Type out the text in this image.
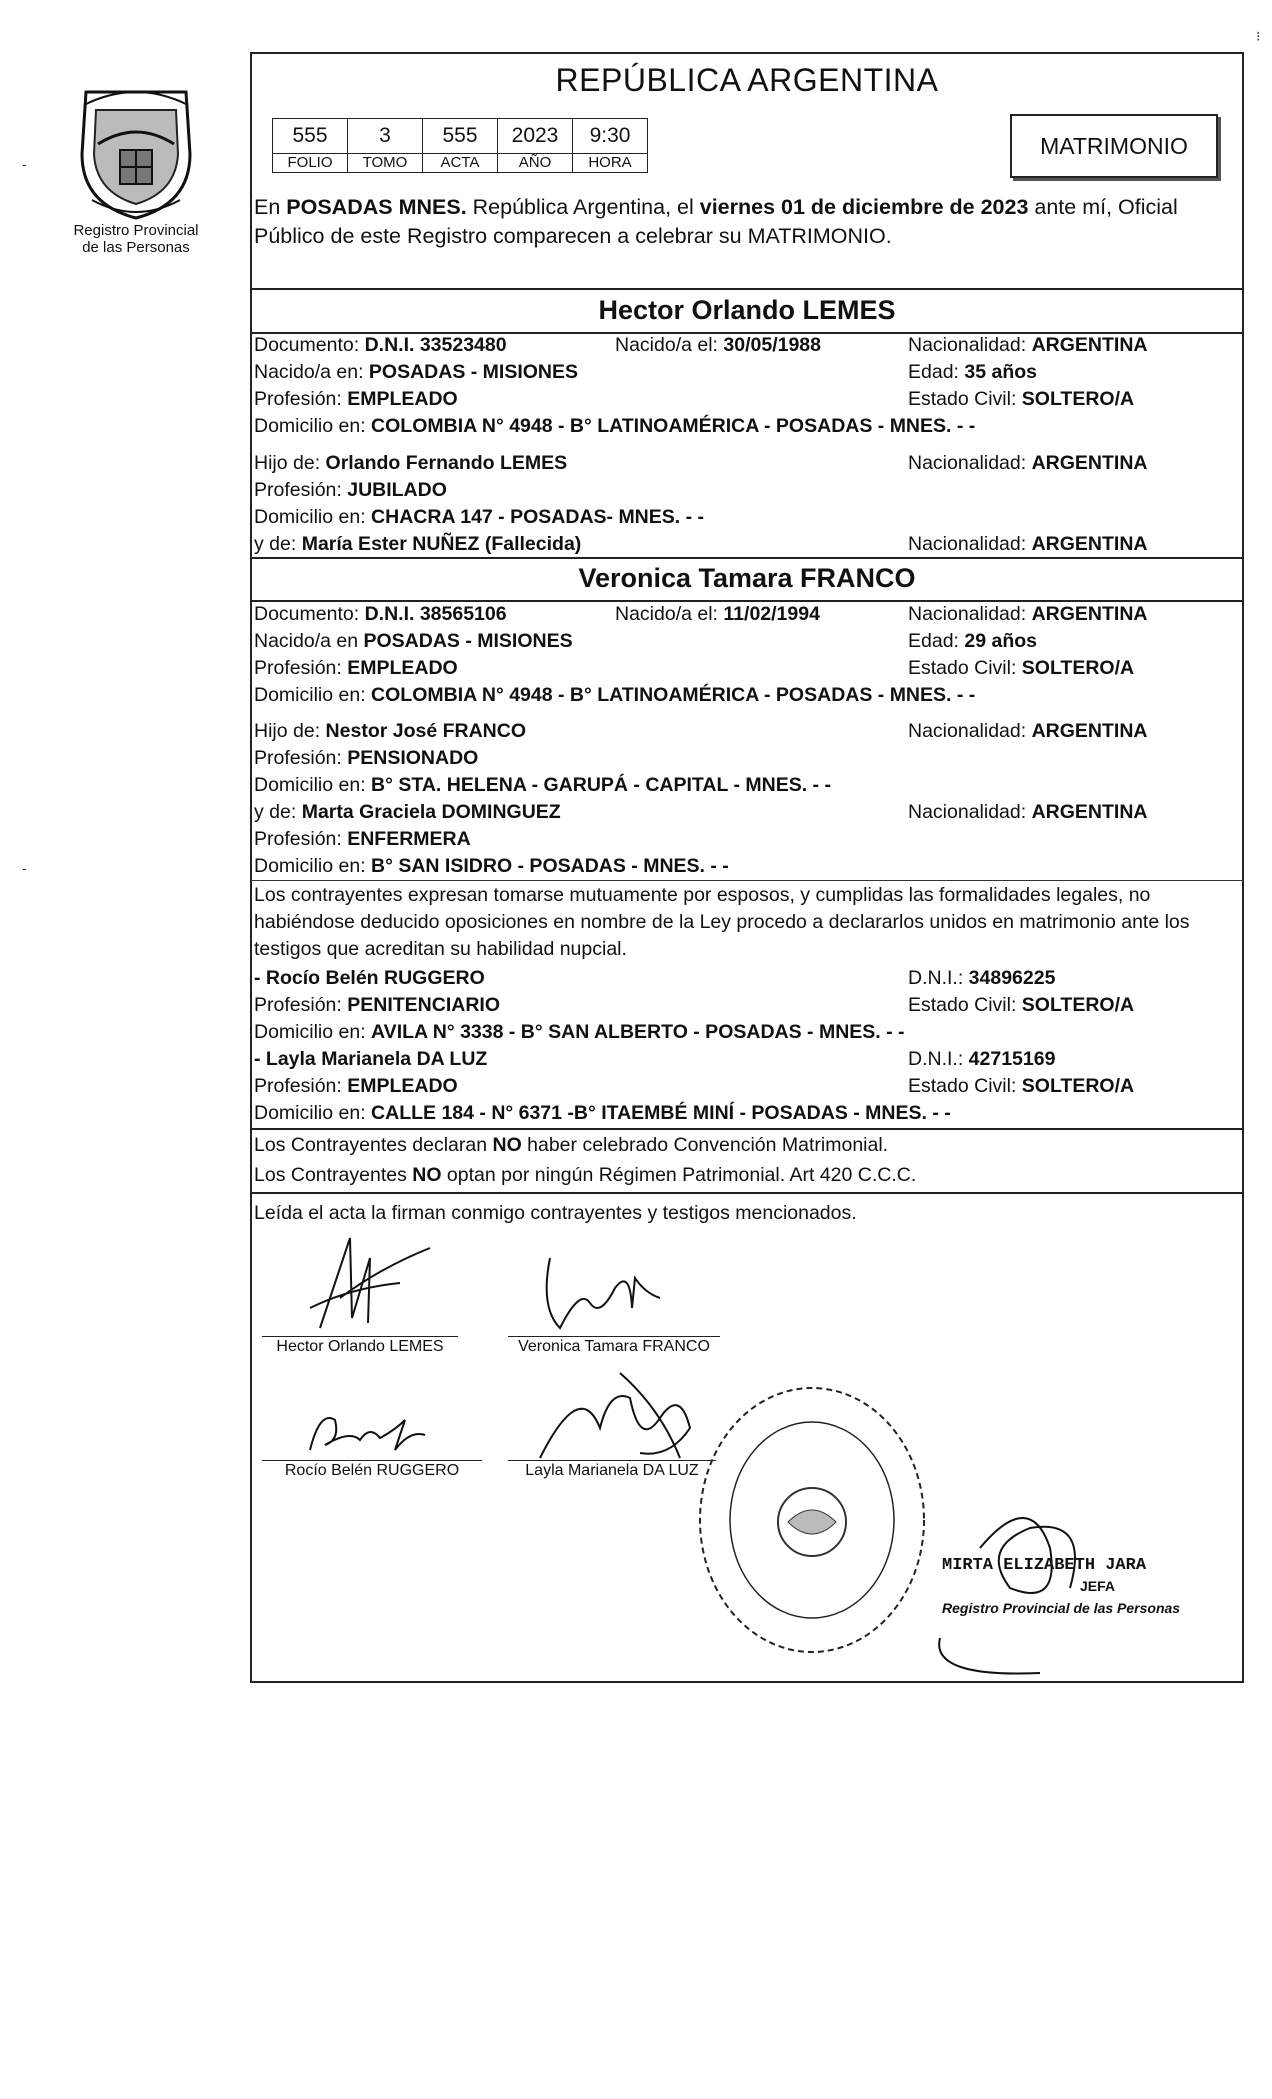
Registro Provincial
de las Personas
-
-
⁝
REPÚBLICA ARGENTINA
555	3	555	2023	9:30
FOLIO	TOMO	ACTA	AÑO	HORA
MATRIMONIO
En POSADAS MNES. República Argentina, el viernes 01 de diciembre de 2023 ante mí, Oficial Público de este Registro comparecen a celebrar su MATRIMONIO.
Hector Orlando LEMES
Documento: D.N.I. 33523480	Nacido/a el: 30/05/1988	Nacionalidad: ARGENTINA
Nacido/a en: POSADAS - MISIONES	Edad: 35 años
Profesión: EMPLEADO	Estado Civil: SOLTERO/A
Domicilio en: COLOMBIA N° 4948 - B° LATINOAMÉRICA - POSADAS - MNES. - -
Hijo de: Orlando Fernando LEMES	Nacionalidad: ARGENTINA
Profesión: JUBILADO
Domicilio en: CHACRA 147 - POSADAS- MNES. - -
y de: María Ester NUÑEZ (Fallecida)	Nacionalidad: ARGENTINA
Veronica Tamara FRANCO
Documento: D.N.I. 38565106	Nacido/a el: 11/02/1994	Nacionalidad: ARGENTINA
Nacido/a en POSADAS - MISIONES	Edad: 29 años
Profesión: EMPLEADO	Estado Civil: SOLTERO/A
Domicilio en: COLOMBIA N° 4948 - B° LATINOAMÉRICA - POSADAS - MNES. - -
Hijo de: Nestor José FRANCO	Nacionalidad: ARGENTINA
Profesión: PENSIONADO
Domicilio en: B° STA. HELENA - GARUPÁ - CAPITAL - MNES. - -
y de: Marta Graciela DOMINGUEZ	Nacionalidad: ARGENTINA
Profesión: ENFERMERA
Domicilio en: B° SAN ISIDRO - POSADAS - MNES. - -
Los contrayentes expresan tomarse mutuamente por esposos, y cumplidas las formalidades legales, no habiéndose deducido oposiciones en nombre de la Ley procedo a declararlos unidos en matrimonio ante los testigos que acreditan su habilidad nupcial.
- Rocío Belén RUGGERO	D.N.I.: 34896225
Profesión: PENITENCIARIO	Estado Civil: SOLTERO/A
Domicilio en: AVILA N° 3338 - B° SAN ALBERTO - POSADAS - MNES. - -
- Layla Marianela DA LUZ	D.N.I.: 42715169
Profesión: EMPLEADO	Estado Civil: SOLTERO/A
Domicilio en: CALLE 184 - N° 6371 -B° ITAEMBÉ MINÍ - POSADAS - MNES. - -
Los Contrayentes declaran NO haber celebrado Convención Matrimonial.
Los Contrayentes NO optan por ningún Régimen Patrimonial. Art 420 C.C.C.
Leída el acta la firman conmigo contrayentes y testigos mencionados.
Hector Orlando LEMES	Veronica Tamara FRANCO
Rocío Belén RUGGERO	Layla Marianela DA LUZ
MIRTA ELIZABETH JARA
JEFA
Registro Provincial de las Personas
